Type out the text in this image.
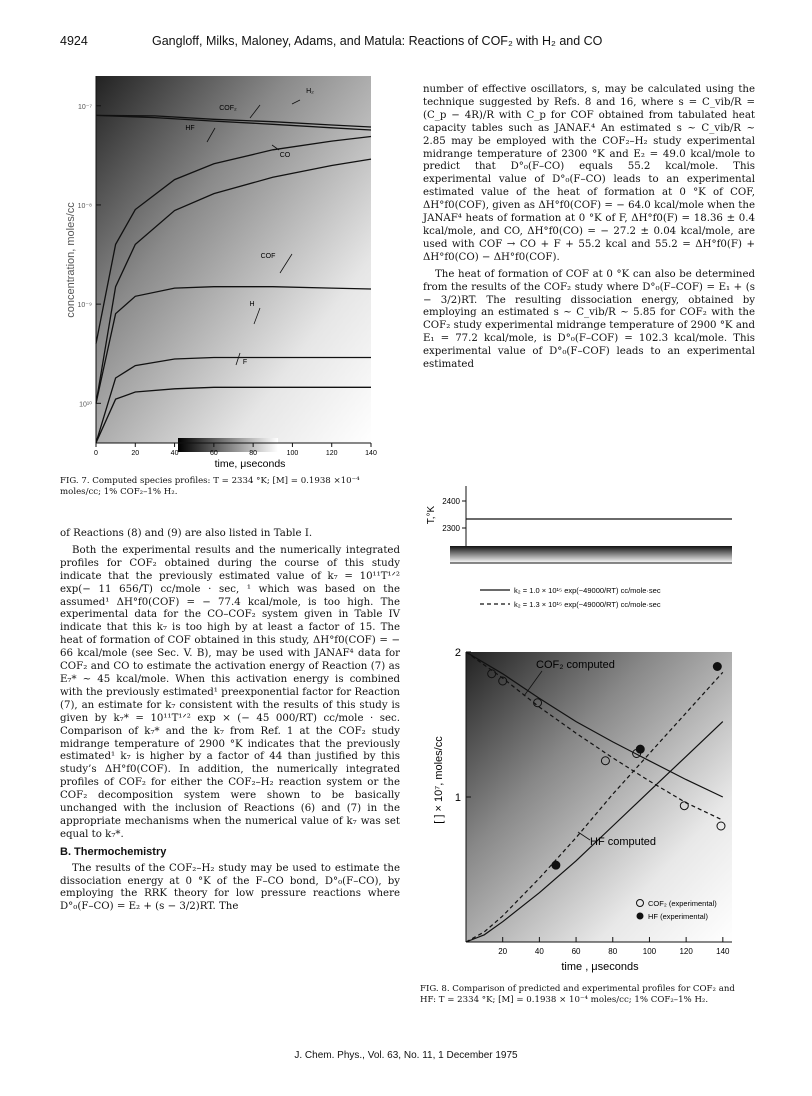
4924	Gangloff, Milks, Maloney, Adams, and Matula: Reactions of COF₂ with H₂ and CO
0	20	40	60	80	100	120	140
10⁻⁷
10⁻⁸
10⁻⁹
10¹⁰
H₂
COF₂
HF
CO
COF
H
F
concentration, moles/cc
time, μseconds
FIG. 7. Computed species profiles: T = 2334 °K; [M] = 0.1938 ×10⁻⁴ moles/cc; 1% COF₂–1% H₂.

of Reactions (8) and (9) are also listed in Table I.

Both the experimental results and the numerically integrated profiles for COF₂ obtained during the course of this study indicate that the previously estimated value of k₇ = 10¹¹T¹ᐟ² exp(− 11 656/T) cc/mole · sec, ¹ which was based on the assumed¹ ΔH°f0(COF) = − 77.4 kcal/mole, is too high. The experimental data for the CO–COF₂ system given in Table IV indicate that this k₇ is too high by at least a factor of 15. The heat of formation of COF obtained in this study, ΔH°f0(COF) = − 66 kcal/mole (see Sec. V. B), may be used with JANAF⁴ data for COF₂ and CO to estimate the activation energy of Reaction (7) as E₇* ~ 45 kcal/mole. When this activation energy is combined with the previously estimated¹ preexponential factor for Reaction (7), an estimate for k₇ consistent with the results of this study is given by k₇* = 10¹¹T¹ᐟ² exp × (− 45 000/RT) cc/mole · sec. Comparison of k₇* and the k₇ from Ref. 1 at the COF₂ study midrange temperature of 2900 °K indicates that the previously estimated¹ k₇ is higher by a factor of 44 than justified by this study’s ΔH°f0(COF). In addition, the numerically integrated profiles of COF₂ for either the COF₂–H₂ reaction system or the COF₂ decomposition system were shown to be basically unchanged with the inclusion of Reactions (6) and (7) in the appropriate mechanisms when the numerical value of k₇ was set equal to k₇*.

B. Thermochemistry

The results of the COF₂–H₂ study may be used to estimate the dissociation energy at 0 °K of the F–CO bond, D°₀(F–CO), by employing the RRK theory for low pressure reactions where D°₀(F–CO) = E₂ + (s − 3/2)RT. The

number of effective oscillators, s, may be calculated using the technique suggested by Refs. 8 and 16, where s = C_vib/R = (C_p − 4R)/R with C_p for COF obtained from tabulated heat capacity tables such as JANAF.⁴ An estimated s ~ C_vib/R ~ 2.85 may be employed with the COF₂–H₂ study experimental midrange temperature of 2300 °K and E₂ = 49.0 kcal/mole to predict that D°₀(F–CO) equals 55.2 kcal/mole. This experimental value of D°₀(F–CO) leads to an experimental estimated value of the heat of formation at 0 °K of COF, ΔH°f0(COF), given as ΔH°f0(COF) = − 64.0 kcal/mole when the JANAF⁴ heats of formation at 0 °K of F, ΔH°f0(F) = 18.36 ± 0.4 kcal/mole, and CO, ΔH°f0(CO) = − 27.2 ± 0.04 kcal/mole, are used with COF → CO + F + 55.2 kcal and 55.2 = ΔH°f0(F) + ΔH°f0(CO) − ΔH°f0(COF).

The heat of formation of COF at 0 °K can also be determined from the results of the COF₂ study where D°₀(F–COF) = E₁ + (s − 3/2)RT. The resulting dissociation energy, obtained by employing an estimated s ~ C_vib/R ~ 5.85 for COF₂ with the COF₂ study experimental midrange temperature of 2900 °K and E₁ = 77.2 kcal/mole, is D°₀(F–COF) = 102.3 kcal/mole. This experimental value of D°₀(F–COF) leads to an experimental estimated

T,°K
2400
2300
k₂ = 1.0 × 10¹⁵ exp(−49000/RT) cc/mole·sec
k₂ = 1.3 × 10¹⁵ exp(−49000/RT) cc/mole·sec
[ ] × 10⁷, moles/cc
20	40	60	80	100	120	140
2
1
COF₂ computed
HF computed
COF₂ (experimental)
HF (experimental)
time , μseconds
FIG. 8. Comparison of predicted and experimental profiles for COF₂ and HF: T = 2334 °K; [M] = 0.1938 × 10⁻⁴ moles/cc; 1% COF₂–1% H₂.
J. Chem. Phys., Vol. 63, No. 11, 1 December 1975
